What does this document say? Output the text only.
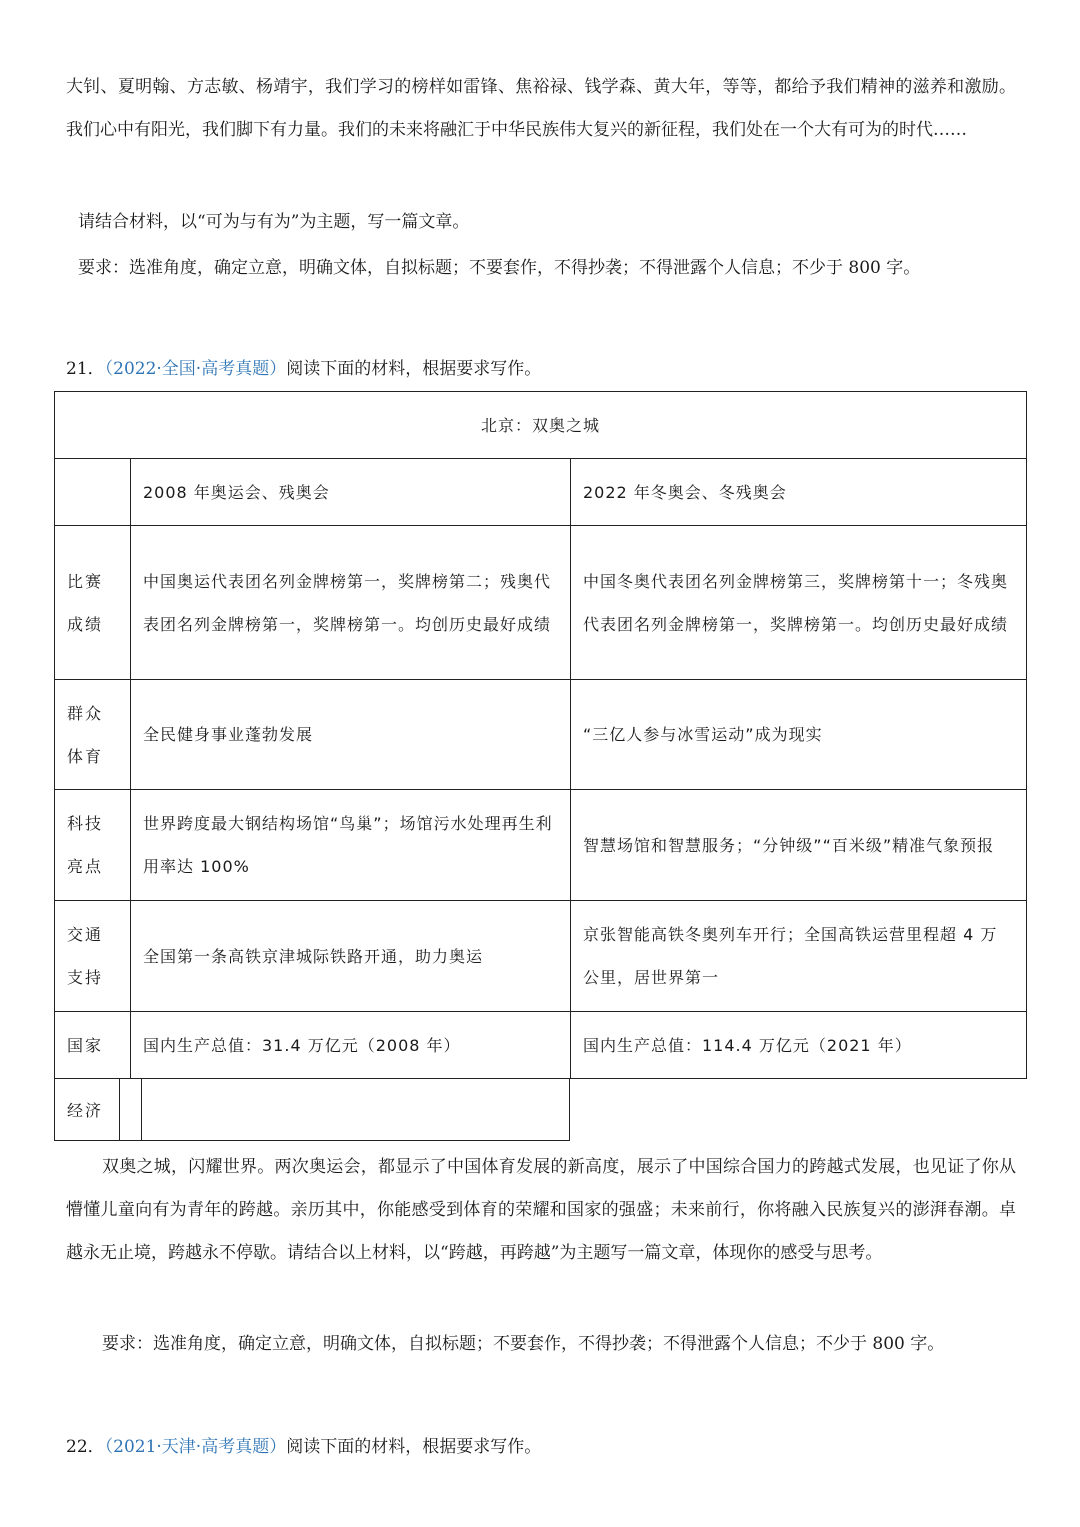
大钊、夏明翰、方志敏、杨靖宇，我们学习的榜样如雷锋、焦裕禄、钱学森、黄大年，等等，都给予我们精神的滋养和激励。我们心中有阳光，我们脚下有力量。我们的未来将融汇于中华民族伟大复兴的新征程，我们处在一个大有可为的时代……

请结合材料，以“可为与有为”为主题，写一篇文章。

要求：选准角度，确定立意，明确文体，自拟标题；不要套作，不得抄袭；不得泄露个人信息；不少于 800 字。

21．（2022·全国·高考真题）阅读下面的材料，根据要求写作。
北京：双奥之城		
	2008 年奥运会、残奥会	2022 年冬奥会、冬残奥会

比赛
成绩	中国奥运代表团名列金牌榜第一，奖牌榜第二；残奥代表团名列金牌榜第一，奖牌榜第一。均创历史最好成绩	中国冬奥代表团名列金牌榜第三，奖牌榜第十一；冬残奥代表团名列金牌榜第一，奖牌榜第一。均创历史最好成绩

群众
体育	全民健身事业蓬勃发展	“三亿人参与冰雪运动”成为现实

科技
亮点	世界跨度最大钢结构场馆“鸟巢”；场馆污水处理再生利用率达 100%	智慧场馆和智慧服务；“分钟级”“百米级”精准气象预报

交通
支持	全国第一条高铁京津城际铁路开通，助力奥运	京张智能高铁冬奥列车开行；全国高铁运营里程超 4 万公里，居世界第一

国家	国内生产总值：31.4 万亿元（2008 年）	国内生产总值：114.4 万亿元（2021 年）
经济

双奥之城，闪耀世界。两次奥运会，都显示了中国体育发展的新高度，展示了中国综合国力的跨越式发展，也见证了你从懵懂儿童向有为青年的跨越。亲历其中，你能感受到体育的荣耀和国家的强盛；未来前行，你将融入民族复兴的澎湃春潮。卓越永无止境，跨越永不停歇。请结合以上材料，以“跨越，再跨越”为主题写一篇文章，体现你的感受与思考。

要求：选准角度，确定立意，明确文体，自拟标题；不要套作，不得抄袭；不得泄露个人信息；不少于 800 字。

22．（2021·天津·高考真题）阅读下面的材料，根据要求写作。
